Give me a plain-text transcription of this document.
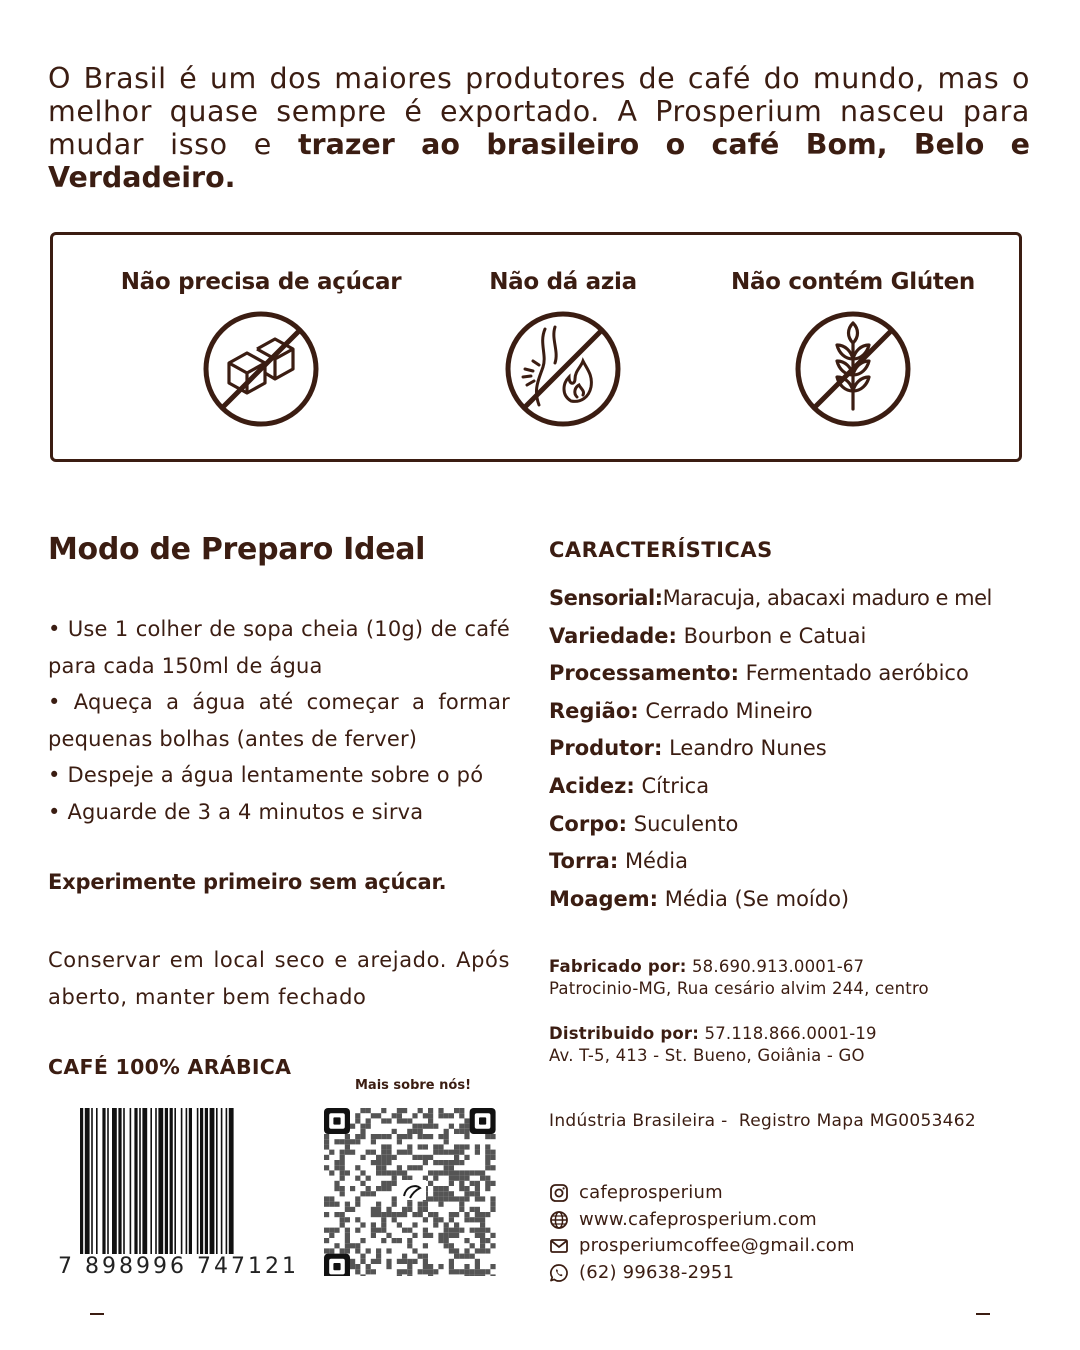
O Brasil é um dos maiores produtores de café do mundo, mas o melhor quase sempre é exportado. A Prosperium nasceu para mudar isso e trazer ao brasileiro o café Bom, Belo e Verdadeiro.

Não precisa de açúcar	Não dá azia	Não contém Glúten
Modo de Preparo Ideal
• Use 1 colher de sopa cheia (10g) de café para cada 150ml de água
• Aqueça a água até começar a formar pequenas bolhas (antes de ferver)
• Despeje a água lentamente sobre o pó
• Aguarde de 3 a 4 minutos e sirva
Experimente primeiro sem açúcar.
Conservar em local seco e arejado. Após aberto, manter bem fechado
CAFÉ 100% ARÁBICA
7 898996 747121
Mais sobre nós!
CARACTERÍSTICAS
Sensorial:Maracuja, abacaxi maduro e mel
Variedade: Bourbon e Catuai
Processamento: Fermentado aeróbico
Região: Cerrado Mineiro
Produtor: Leandro Nunes
Acidez: Cítrica
Corpo: Suculento
Torra: Média
Moagem: Média (Se moído)
Fabricado por: 58.690.913.0001-67
Patrocinio-MG, Rua cesário alvim 244, centro
Distribuido por: 57.118.866.0001-19
Av. T-5, 413 - St. Bueno, Goiânia - GO
Indústria Brasileira -  Registro Mapa MG0053462
cafeprosperium
www.cafeprosperium.com
prosperiumcoffee@gmail.com
(62) 99638-2951
